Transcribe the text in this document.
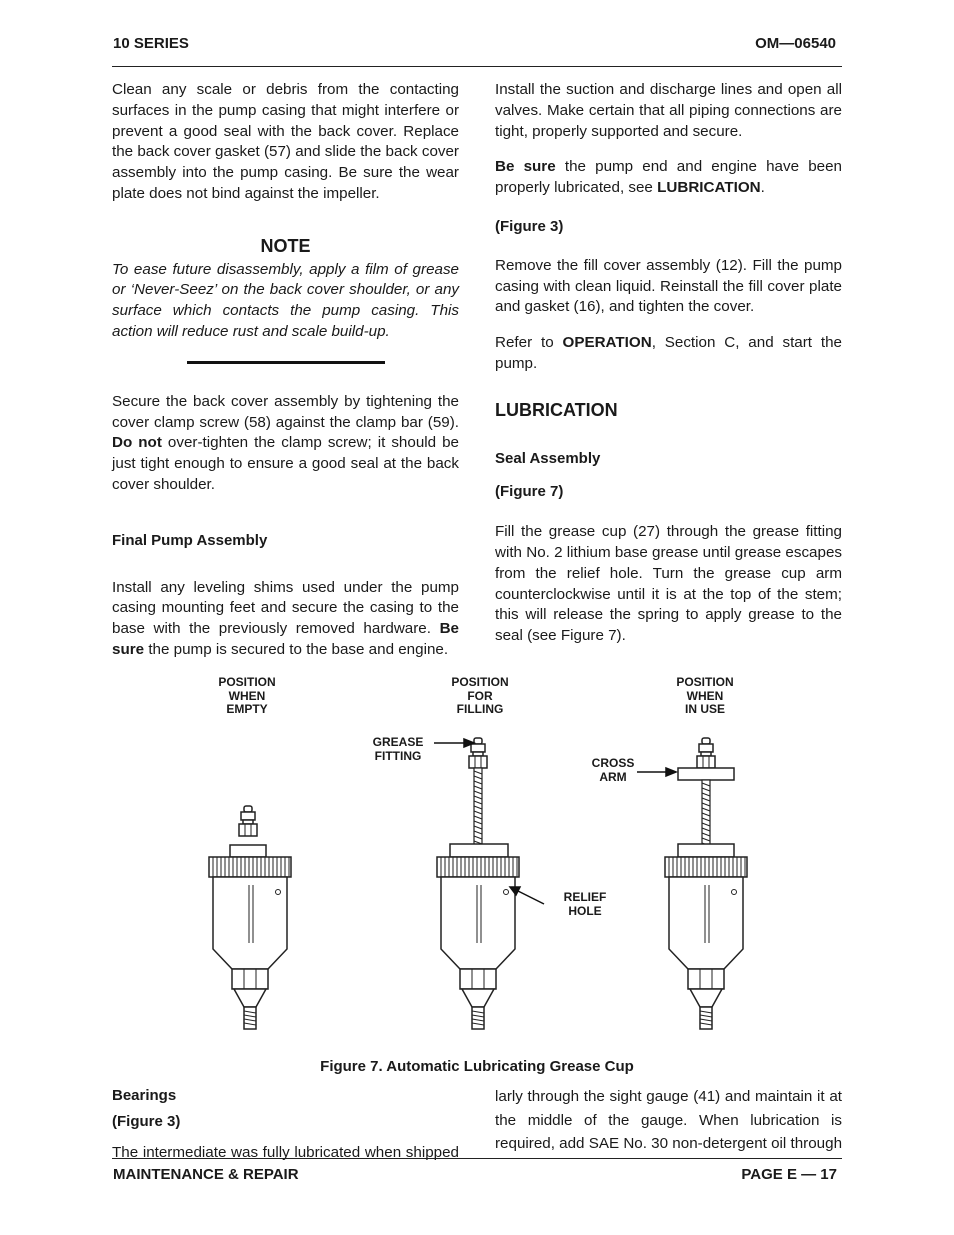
10 SERIES	OM—06540

Clean any scale or debris from the contacting surfaces in the pump casing that might interfere or prevent a good seal with the back cover. Replace the back cover gasket (57) and slide the back cover assembly into the pump casing. Be sure the wear plate does not bind against the impeller.

NOTE
To ease future disassembly, apply a film of grease or ‘Never-Seez’ on the back cover shoulder, or any surface which contacts the pump casing. This action will reduce rust and scale build-up.

Secure the back cover assembly by tightening the cover clamp screw (58) against the clamp bar (59). Do not over-tighten the clamp screw; it should be just tight enough to ensure a good seal at the back cover shoulder.

Final Pump Assembly

Install any leveling shims used under the pump casing mounting feet and secure the casing to the base with the previously removed hardware. Be sure the pump is secured to the base and engine.

Install the suction and discharge lines and open all valves. Make certain that all piping connections are tight, properly supported and secure.

Be sure the pump end and engine have been properly lubricated, see LUBRICATION.

(Figure 3)

Remove the fill cover assembly (12). Fill the pump casing with clean liquid. Reinstall the fill cover plate and gasket (16), and tighten the cover.

Refer to OPERATION, Section C, and start the pump.

LUBRICATION
Seal Assembly
(Figure 7)

Fill the grease cup (27) through the grease fitting with No. 2 lithium base grease until grease escapes from the relief hole. Turn the grease cup arm counterclockwise until it is at the top of the stem; this will release the spring to apply grease to the seal (see Figure 7).

POSITION
WHEN
EMPTY
POSITION
FOR
FILLING
POSITION
WHEN
IN USE
GREASE
FITTING
CROSS
ARM
RELIEF
HOLE
Figure 7. Automatic Lubricating Grease Cup
Bearings
(Figure 3)
The intermediate was fully lubricated when shipped
larly through the sight gauge (41) and maintain it at the middle of the gauge. When lubrication is required, add SAE No. 30 non-detergent oil through
MAINTENANCE & REPAIR	PAGE E — 17
